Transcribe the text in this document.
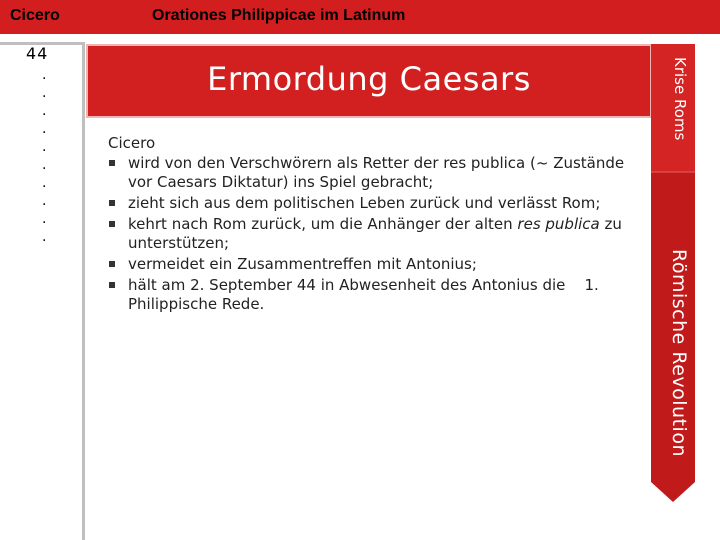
Cicero	Orationes Philippicae im Latinum
44
.
.
.
.
.
.
.
.
.
.
Ermordung Caesars
Cicero
wird von den Verschwörern als Retter der res publica (~ Zustände vor Caesars Diktatur) ins Spiel gebracht;
zieht sich aus dem politischen Leben zurück und verlässt Rom;
kehrt nach Rom zurück, um die Anhänger der alten res publica zu unterstützen;
vermeidet ein Zusammentreffen mit Antonius;
hält am 2. September 44 in Abwesenheit des Antonius die    1. Philippische Rede.
Krise Roms
Römische Revolution
